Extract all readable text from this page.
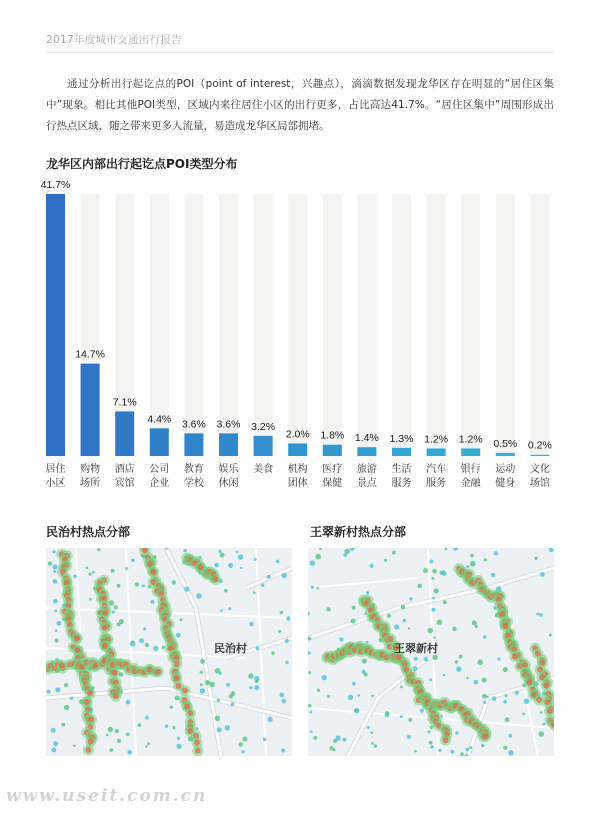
2017年度城市交通出行报告
通过分析出行起讫点的POI（point of interest，兴趣点），滴滴数据发现龙华区存在明显的“居住区集中”现象。相比其他POI类型，区域内来往居住小区的出行更多，占比高达41.7%。“居住区集中”周围形成出行热点区域，随之带来更多人流量，易造成龙华区局部拥堵。
龙华区内部出行起讫点POI类型分布
41.7%
居住
小区
14.7%
购物
场所
7.1%
酒店
宾馆
4.4%
公司
企业
3.6%
教育
学校
3.6%
娱乐
休闲
3.2%
美食
2.0%
机构
团体
1.8%
医疗
保健
1.4%
旅游
景点
1.3%
生活
服务
1.2%
汽车
服务
1.2%
银行
金融
0.5%
运动
健身
0.2%
文化
场馆
民治村热点分部	王翠新村热点分部
民治村	王翠新村
www.useit.com.cn
